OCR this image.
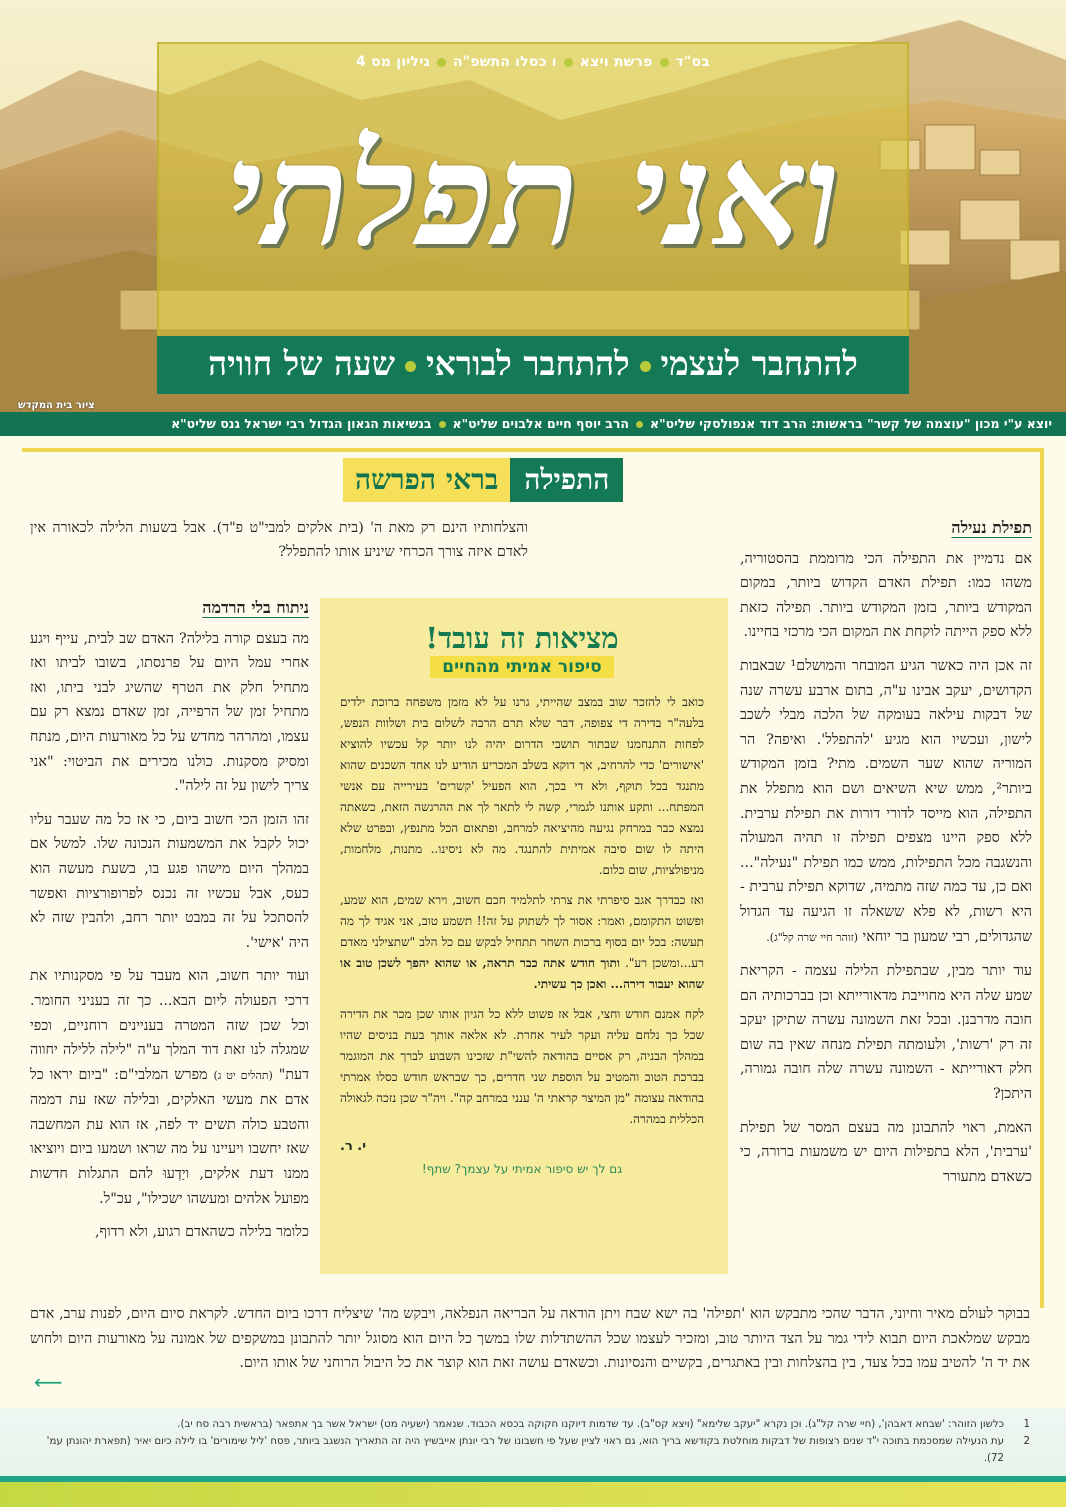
בס"דפרשת ויצאו כסלו התשפ"הגיליון מס 4
ואני תפלתי
להתחבר לעצמילהתחבר לבוראישעה של חוויה
ציור בית המקדש
יוצא ע"י מכון "עוצמה של קשר" בראשות: הרב דוד אנפולסקי שליט"אהרב יוסף חיים אלבוים שליט"אבנשיאות הגאון הגדול רבי ישראל גנס שליט"א
התפילה
בראי הפרשה
תפילת נעילה

אם נדמיין את התפילה הכי מרוממת בהסטוריה, משהו כמו: תפילת האדם הקדוש ביותר, במקום המקודש ביותר, בזמן המקודש ביותר. תפילה כזאת ללא ספק הייתה לוקחת את המקום הכי מרכזי בחיינו.

זה אכן היה כאשר הגיע המובחר והמושלם¹ שבאבות הקדושים, יעקב אבינו ע"ה, בתום ארבע עשרה שנה של דבקות עילאה בעומקה של הלכה מבלי לשכב לישון, ועכשיו הוא מגיע 'להתפלל'. ואיפה? הר המוריה שהוא שער השמים. מתי? בזמן המקודש ביותר², ממש שיא השיאים ושם הוא מתפלל את התפילה, הוא מייסד לדורי דורות את תפילת ערבית. ללא ספק היינו מצפים תפילה זו תהיה המעולה והנשגבה מכל התפילות, ממש כמו תפילת "נעילה"... ואם כן, עד כמה שזה מתמיה, שדוקא תפילת ערבית - היא רשות, לא פלא ששאלה זו הגיעה עד הגדול שהגדולים, רבי שמעון בר יוחאי (זוהר חיי שרה קל"ג).

עוד יותר מבין, שבתפילת הלילה עצמה - הקריאת שמע שלה היא מחוייבת מדאורייתא וכן בברכותיה הם חובה מדרבנן. ובכל זאת השמונה עשרה שתיקן יעקב זה רק 'רשות', ולעומתה תפילת מנחה שאין בה שום חלק דאורייתא - השמונה עשרה שלה חובה גמורה, היתכן?

האמת, ראוי להתבונן מה בעצם המסר של תפילת 'ערבית', הלא בתפילות היום יש משמעות ברורה, כי כשאדם מתעורר

והצלחותיו הינם רק מאת ה' (בית אלקים למבי"ט פ"ד). אבל בשעות הלילה לכאורה אין לאדם איזה צורך הכרחי שיניע אותו להתפלל?
מציאות זה עובד!
סיפור אמיתי מהחיים

כואב לי להזכר שוב במצב שהייתי, גרנו על לא מזמן משפחה ברוכת ילדים בלעה"ר בדירה די צפופה, דבר שלא תרם הרבה לשלום בית ושלוות הנפש, לפחות התנחמנו שבתור תושבי הדרום יהיה לנו יותר קל עכשיו להוציא 'אישורים' כדי להרחיב, אך דוקא בשלב המכריע הודיע לנו אחד השכנים שהוא מתנגד בכל תוקף, ולא די בכך, הוא הפעיל 'קשרים' בעירייה עם אנשי המפתח... ותקע אותנו לגמרי, קשה לי לתאר לך את ההרגשה הזאת, כשאתה נמצא כבר במרחק נגיעה מהיציאה למרחב, ופתאום הכל מתנפץ, ובפרט שלא היתה לו שום סיבה אמיתית להתנגד. מה לא ניסינו.. מתנות, מלחמות, מניפולציות, שום כלום.

ואז כבדרך אגב סיפרתי את צרתי לתלמיד חכם חשוב, וירא שמים, הוא שמע, ופשוט התקומם, ואמר: אסור לך לשתוק על זה!! תשמע טוב, אני אגיד לך מה תעשה: בכל יום בסוף ברכות השחר תתחיל לבקש עם כל הלב "שתצילני מאדם רע...ומשכן רע". ותוך חודש אתה כבר תראה, או שהוא יהפך לשכן טוב או שהוא יעבור דירה... ואכן כך עשיתי.

לקח אמנם חודש וחצי, אבל אז פשוט ללא כל הגיון אותו שכן מכר את הדירה שכל כך נלחם עליה ועקר לעיר אחרת. לא אלאה אותך בעת בניסים שהיו במהלך הבניה, רק אסיים בהודאה להשי"ת שזכינו השבוע לברך את המוגמר בברכת הטוב והמטיב על הוספת שני חדרים, כך שבראש חודש כסלו אמרתי בהודאה עצומה "מן המיצר קראתי ה' ענני במרחב קה". ויה"ר שכן נזכה לגאולה הכללית במהרה.

י. ר.
גם לך יש סיפור אמיתי על עצמך? שתף!
ניתוח בלי הרדמה

מה בעצם קורה בלילה? האדם שב לבית, עייף ויגע אחרי עמל היום על פרנסתו, בשובו לביתו ואז מתחיל חלק את הטרף שהשיג לבני ביתו, ואז מתחיל זמן של הרפייה, זמן שאדם נמצא רק עם עצמו, ומהרהר מחדש על כל מאורעות היום, מנתח ומסיק מסקנות. כולנו מכירים את הביטוי: "אני צריך לישון על זה לילה".

זהו הזמן הכי חשוב ביום, כי אז כל מה שעבר עליו יכול לקבל את המשמעות הנכונה שלו. למשל אם במהלך היום מישהו פגע בו, בשעת מעשה הוא כעס, אבל עכשיו זה נכנס לפרופורציות ואפשר להסתכל על זה במבט יותר רחב, ולהבין שזה לא היה 'אישי'.

ועוד יותר חשוב, הוא מעבד על פי מסקנותיו את דרכי הפעולה ליום הבא... כך זה בעניני החומר. וכל שכן שזה המטרה בעניינים רוחניים, וכפי שמגלה לנו זאת דוד המלך ע"ה "לילה ללילה יחווה דעת" (תהלים יט ג) מפרש המלבי"ם: "ביום יראו כל אדם את מעשי האלקים, ובלילה שאז עת דממה והטבע כולה תשים יד לפה, אז הוא עת המחשבה שאז יחשבו ויעיינו על מה שראו ושמעו ביום ויוציאו ממנו דעת אלקים, ויַדְעוּ להם התגלות חדשות מפועל אלהים ומעשהו ישכילו", עכ"ל.

כלומר בלילה כשהאדם רגוע, ולא רדוף,

בבוקר לעולם מאיר וחיוני, הדבר שהכי מתבקש הוא 'תפילה' בה ישא שבח ויתן הודאה על הבריאה הנפלאה, ויבקש מה' שיצליח דרכו ביום החדש. לקראת סיום היום, לפנות ערב, אדם מבקש שמלאכת היום תבוא לידי גמר על הצד היותר טוב, ומזכיר לעצמו שכל ההשתדלות שלו במשך כל היום הוא מסוגל יותר להתבונן במשקפים של אמונה על מאורעות היום ולחוש את יד ה' להטיב עמו בכל צעד, בין בהצלחות ובין באתגרים, בקשיים והנסיונות. וכשאדם עושה זאת הוא קוצר את כל היבול הרוחני של אותו היום.
⟵
1
כלשון הזוהר: 'שבחא דאבהן', (חיי שרה קל"ג). וכן נקרא "יעקב שלימא" (ויצא קס"ב). עד שדמות דיוקנו חקוקה בכסא הכבוד. שנאמר (ישעיה מט) ישראל אשר בך אתפאר (בראשית רבה סח יב).
2
עת הנעילה שמסכמת בתוכה י"ד שנים רצופות של דבקות מוחלטת בקודשא בריך הוא, גם ראוי לציין שעל פי חשבונו של רבי יונתן אייבשיץ היה זה התאריך הנשגב ביותר, פסח 'ליל שימורים' בו לילה כיום יאיר (תפארת יהונתן עמ' 72).
